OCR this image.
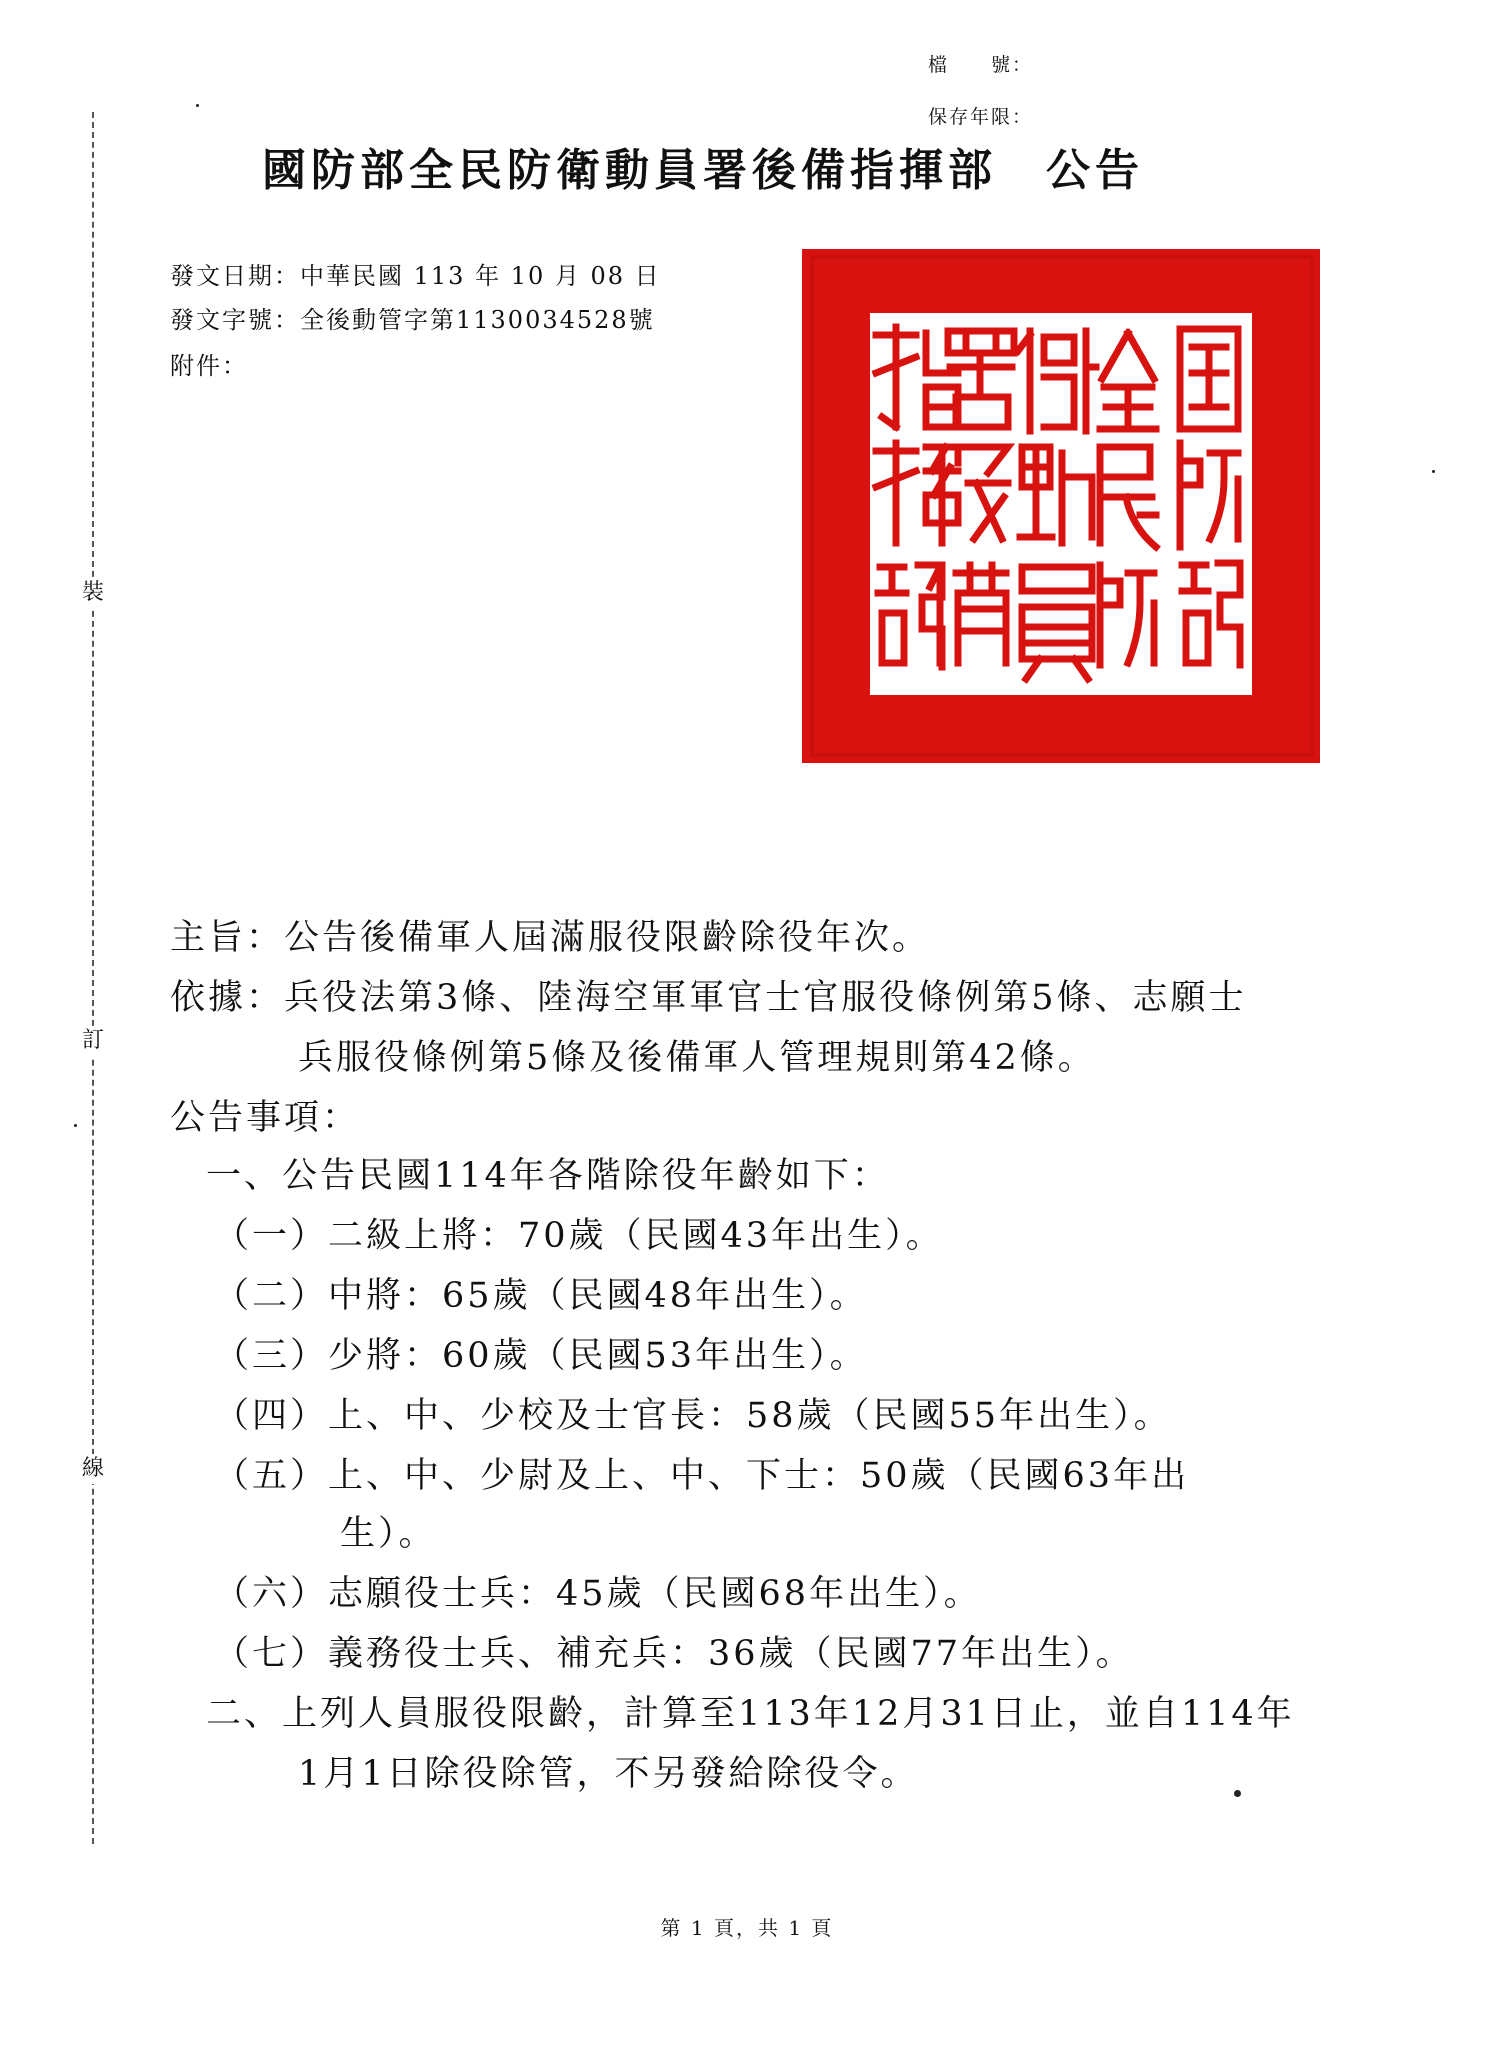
裝
訂
線
檔　　號：
保存年限：
國防部全民防衛動員署後備指揮部　公告
發文日期：中華民國 113 年 10 月 08 日
發文字號：全後動管字第1130034528號
附件：
主旨：公告後備軍人屆滿服役限齡除役年次。
依據：兵役法第3條、陸海空軍軍官士官服役條例第5條、志願士
兵服役條例第5條及後備軍人管理規則第42條。
公告事項：
一、公告民國114年各階除役年齡如下：
（一）二級上將：70歲（民國43年出生）。
（二）中將：65歲（民國48年出生）。
（三）少將：60歲（民國53年出生）。
（四）上、中、少校及士官長：58歲（民國55年出生）。
（五）上、中、少尉及上、中、下士：50歲（民國63年出
生）。
（六）志願役士兵：45歲（民國68年出生）。
（七）義務役士兵、補充兵：36歲（民國77年出生）。
二、上列人員服役限齡，計算至113年12月31日止，並自114年
1月1日除役除管，不另發給除役令。
第 1 頁，共 1 頁
